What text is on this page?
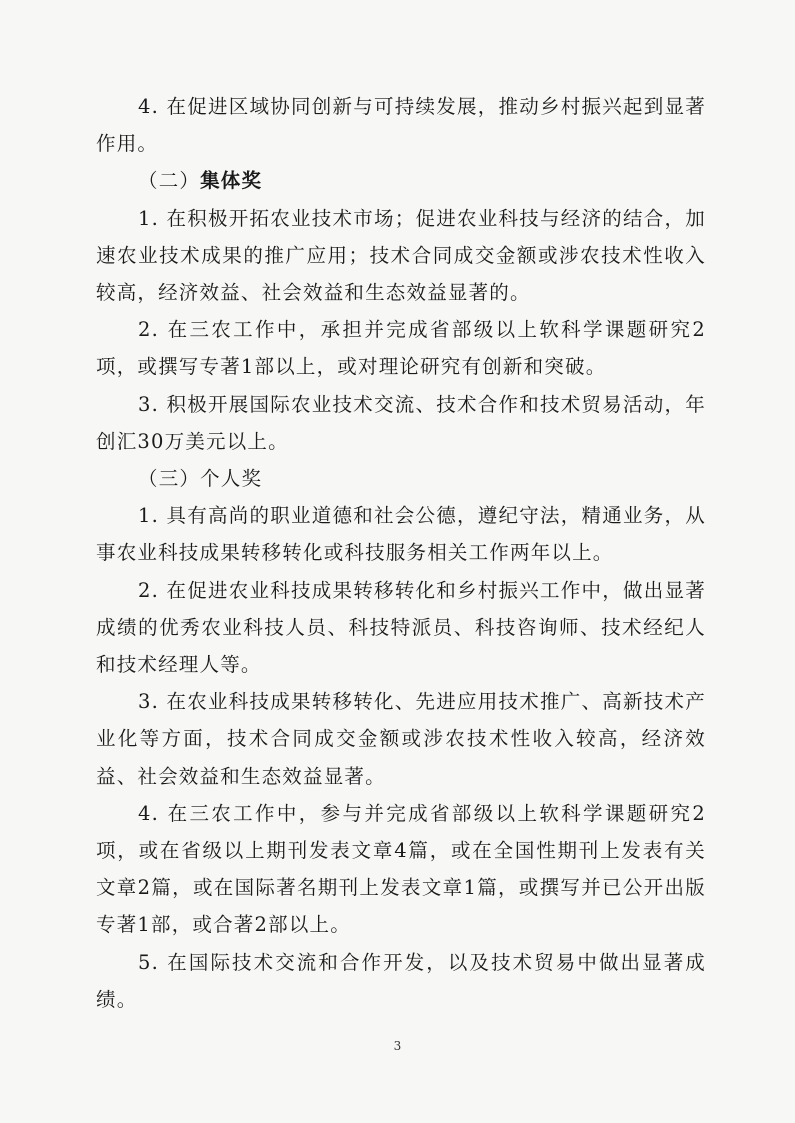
4. 在促进区域协同创新与可持续发展，推动乡村振兴起到显著作用。

（二）集体奖

1. 在积极开拓农业技术市场；促进农业科技与经济的结合，加速农业技术成果的推广应用；技术合同成交金额或涉农技术性收入较高，经济效益、社会效益和生态效益显著的。

2. 在三农工作中，承担并完成省部级以上软科学课题研究2项，或撰写专著1部以上，或对理论研究有创新和突破。

3. 积极开展国际农业技术交流、技术合作和技术贸易活动，年创汇30万美元以上。

（三）个人奖

1. 具有高尚的职业道德和社会公德，遵纪守法，精通业务，从事农业科技成果转移转化或科技服务相关工作两年以上。

2. 在促进农业科技成果转移转化和乡村振兴工作中，做出显著成绩的优秀农业科技人员、科技特派员、科技咨询师、技术经纪人和技术经理人等。

3. 在农业科技成果转移转化、先进应用技术推广、高新技术产业化等方面，技术合同成交金额或涉农技术性收入较高，经济效益、社会效益和生态效益显著。

4. 在三农工作中，参与并完成省部级以上软科学课题研究2项，或在省级以上期刊发表文章4篇，或在全国性期刊上发表有关文章2篇，或在国际著名期刊上发表文章1篇，或撰写并已公开出版专著1部，或合著2部以上。

5. 在国际技术交流和合作开发，以及技术贸易中做出显著成绩。

3
